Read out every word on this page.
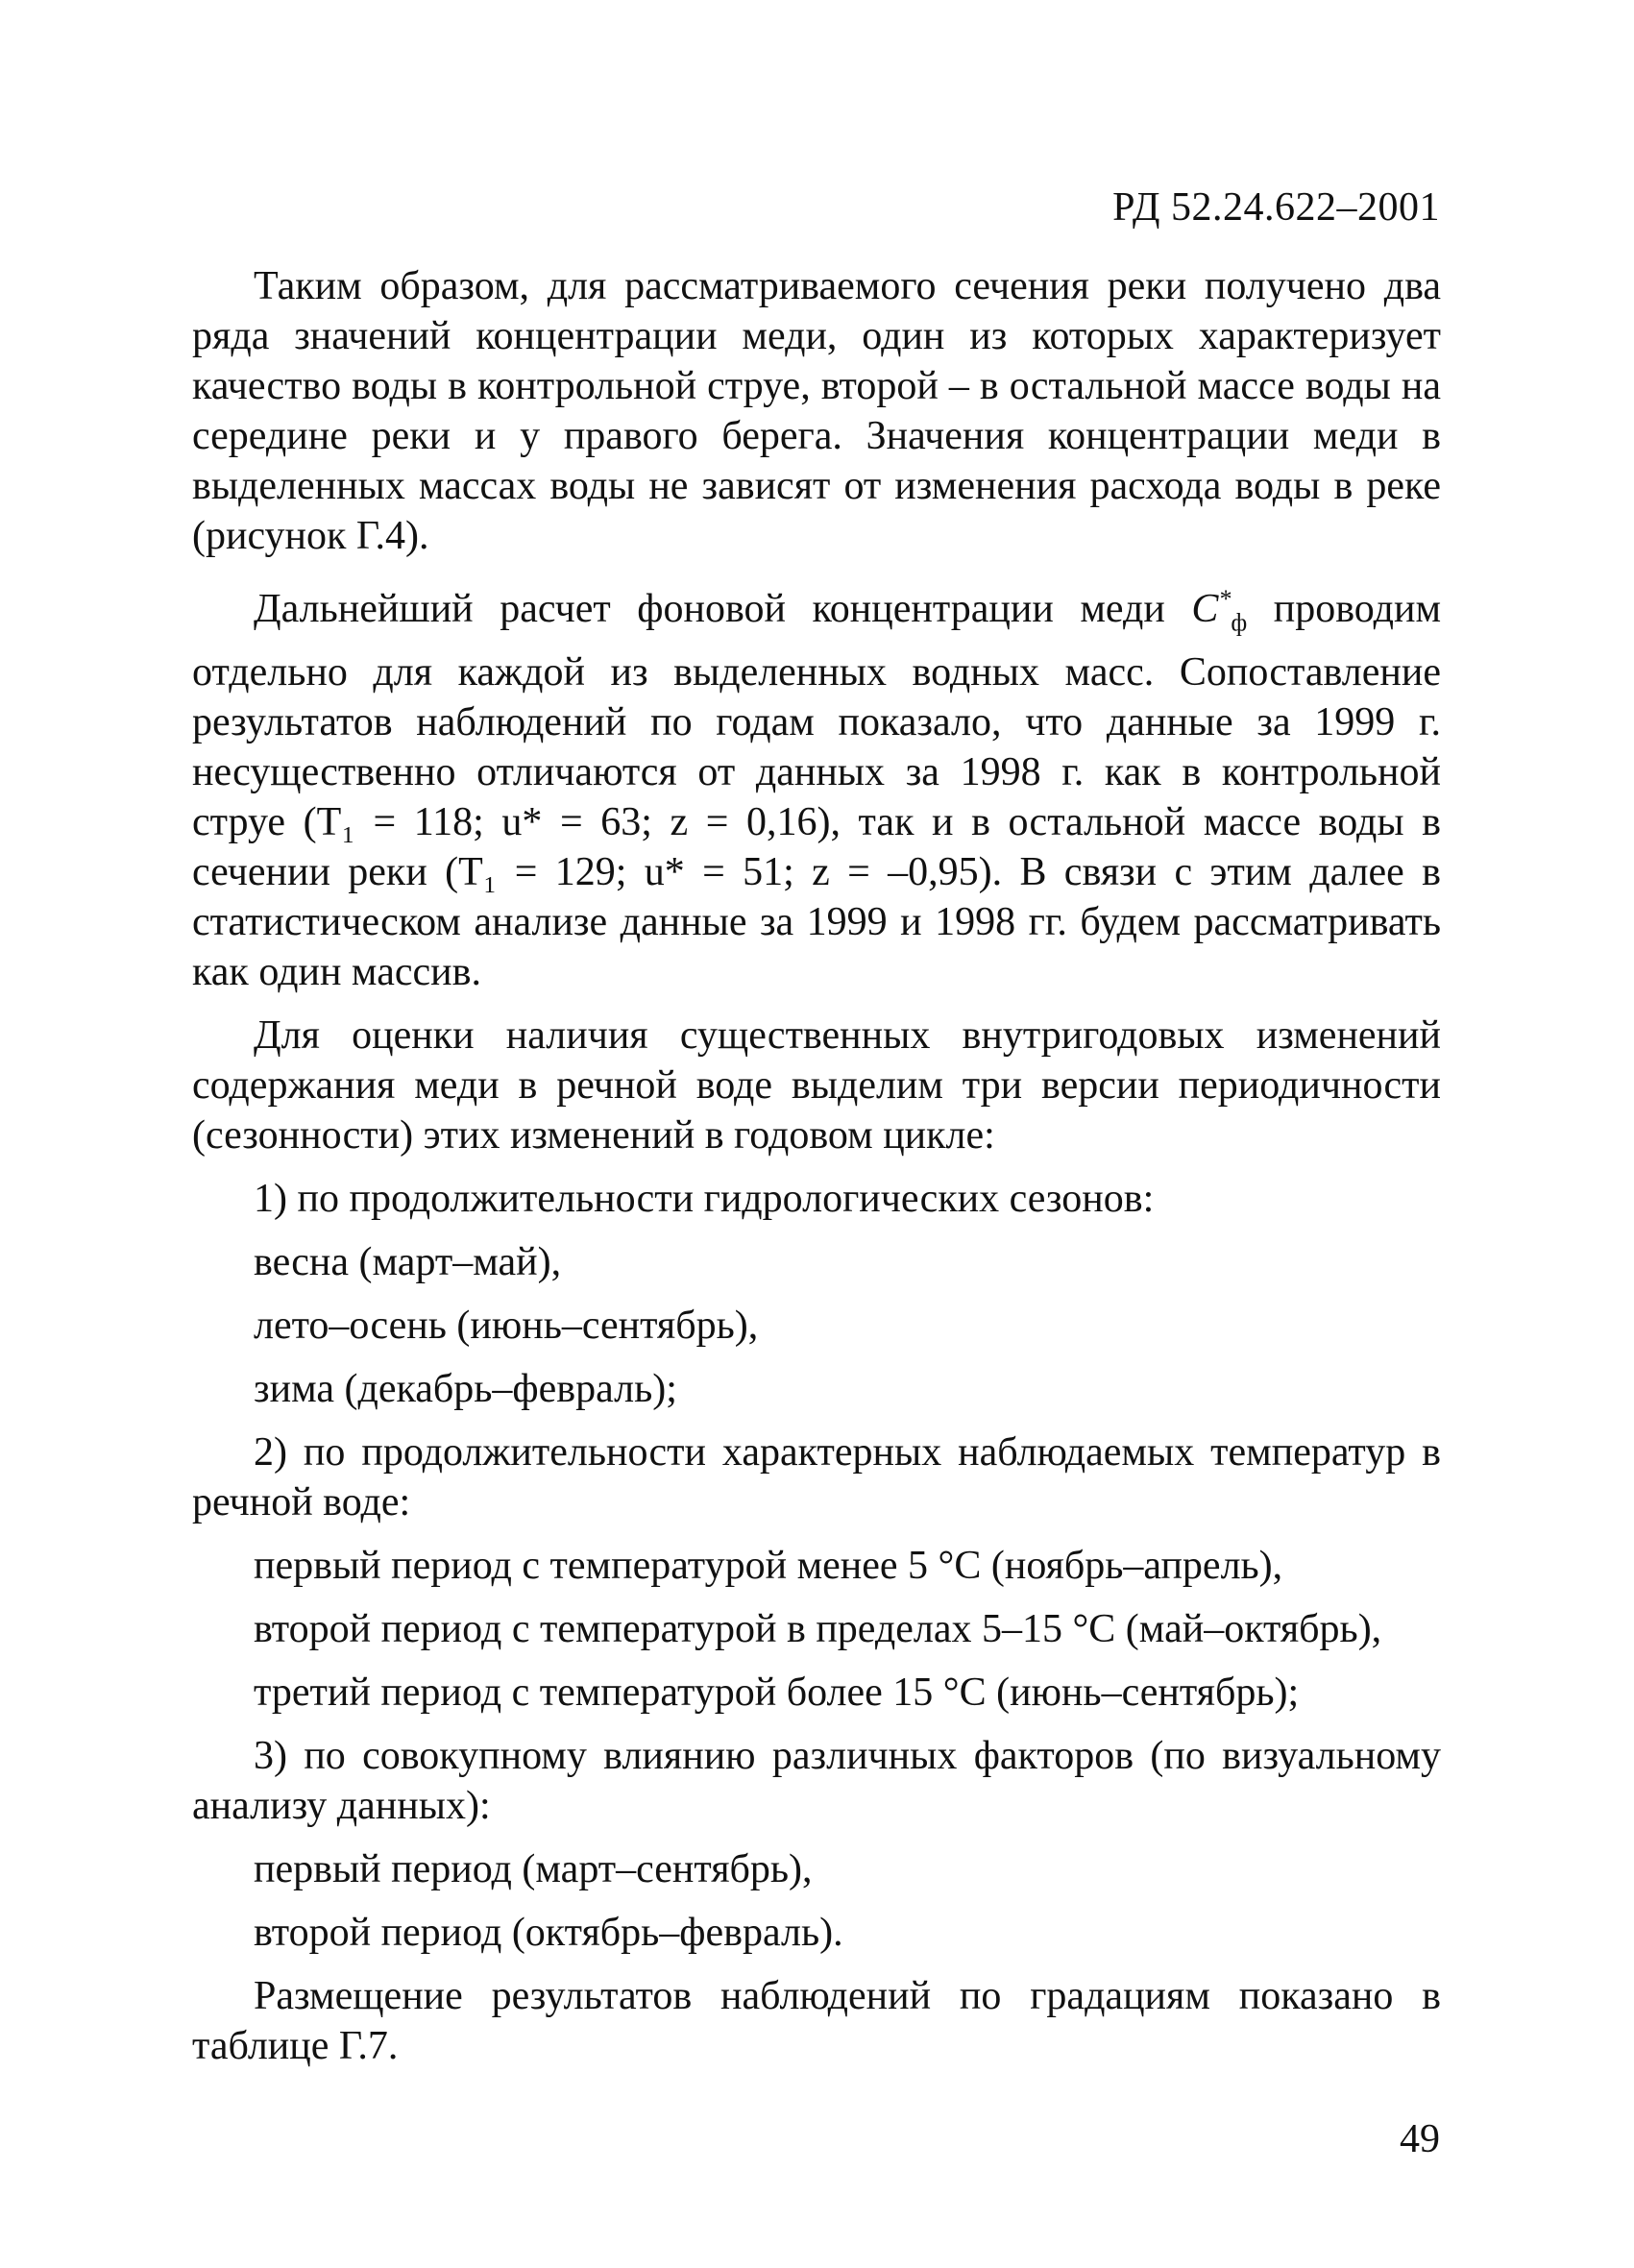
РД 52.24.622–2001

Таким образом, для рассматриваемого сечения реки получено два ряда значений концентрации меди, один из которых характеризует качество воды в контрольной струе, второй – в остальной массе воды на середине реки и у правого берега. Значения концентрации меди в выделенных массах воды не зависят от изменения расхода воды в реке (рисунок Г.4).

Дальнейший расчет фоновой концентрации меди $C^*_ф$ проводим отдельно для каждой из выделенных водных масс. Сопоставление результатов наблюдений по годам показало, что данные за 1999 г. несущественно отличаются от данных за 1998 г. как в контрольной струе (T₁ = 118; u* = 63; z = 0,16), так и в остальной массе воды в сечении реки (T₁ = 129; u* = 51; z = –0,95). В связи с этим далее в статистическом анализе данные за 1999 и 1998 гг. будем рассматривать как один массив.

Для оценки наличия существенных внутригодовых изменений содержания меди в речной воде выделим три версии периодичности (сезонности) этих изменений в годовом цикле:

1) по продолжительности гидрологических сезонов:

весна (март–май),

лето–осень (июнь–сентябрь),

зима (декабрь–февраль);

2) по продолжительности характерных наблюдаемых температур в речной воде:

первый период с температурой менее 5 °С (ноябрь–апрель),

второй период с температурой в пределах 5–15 °С (май–октябрь),

третий период с температурой более 15 °С (июнь–сентябрь);

3) по совокупному влиянию различных факторов (по визуальному анализу данных):

первый период (март–сентябрь),

второй период (октябрь–февраль).

Размещение результатов наблюдений по градациям показано в таблице Г.7.

49
